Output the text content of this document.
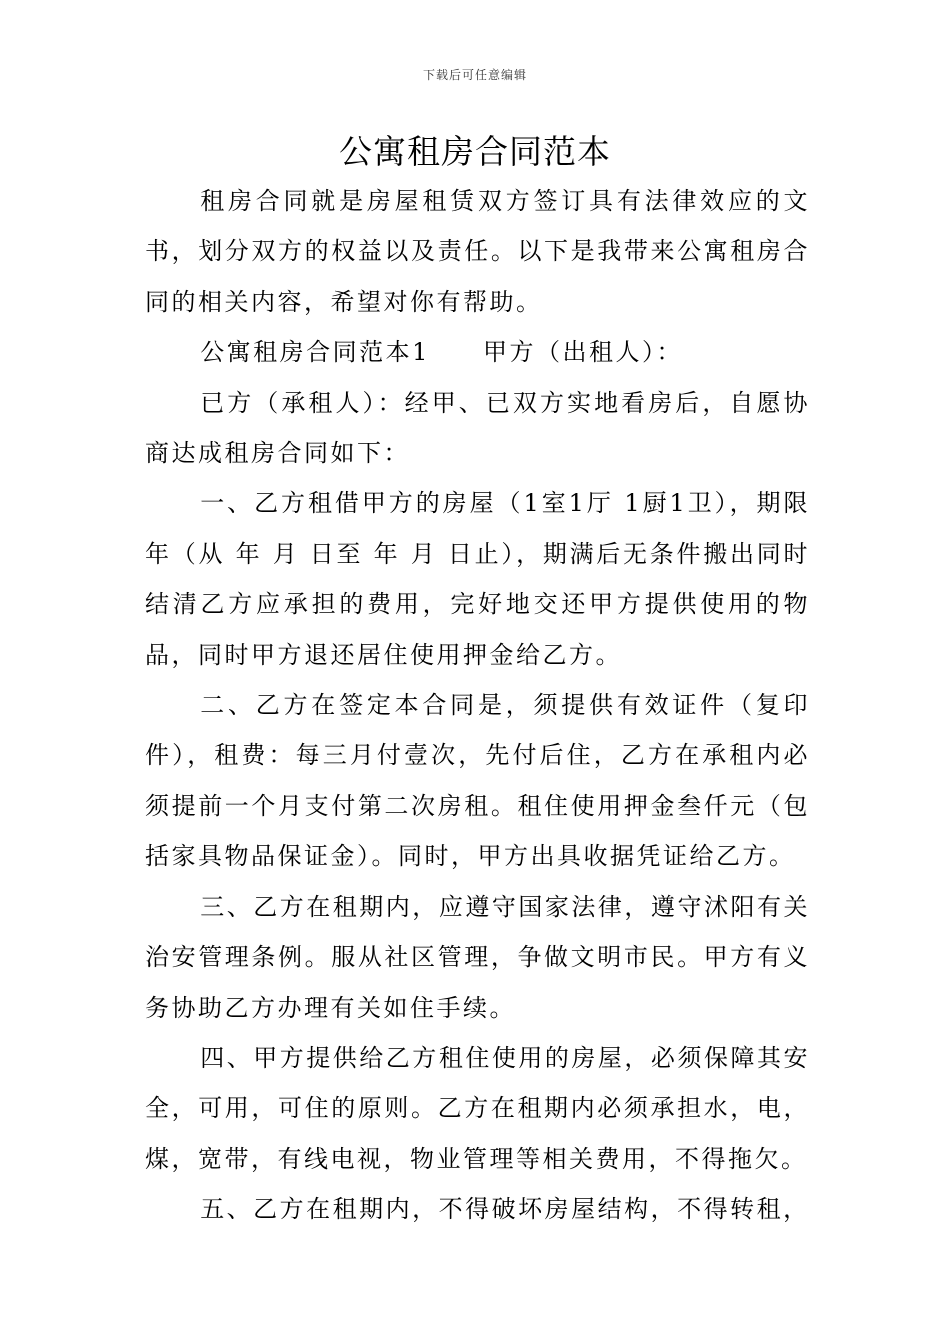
下载后可任意编辑
公寓租房合同范本

租房合同就是房屋租赁双方签订具有法律效应的文书，划分双方的权益以及责任。以下是我带来公寓租房合同的相关内容，希望对你有帮助。

公寓租房合同范本1　　甲方（出租人）：

已方（承租人）：经甲、已双方实地看房后，自愿协商达成租房合同如下：

一、乙方租借甲方的房屋（1室1厅 1厨1卫），期限 年（从 年 月 日至 年 月 日止），期满后无条件搬出同时结清乙方应承担的费用，完好地交还甲方提供使用的物品，同时甲方退还居住使用押金给乙方。

二、乙方在签定本合同是，须提供有效证件（复印件），租费：每三月付壹次，先付后住，乙方在承租内必须提前一个月支付第二次房租。租住使用押金叁仟元（包括家具物品保证金）。同时，甲方出具收据凭证给乙方。

三、乙方在租期内，应遵守国家法律，遵守沭阳有关治安管理条例。服从社区管理，争做文明市民。甲方有义务协助乙方办理有关如住手续。

四、甲方提供给乙方租住使用的房屋，必须保障其安全，可用，可住的原则。乙方在租期内必须承担水，电，煤，宽带，有线电视，物业管理等相关费用，不得拖欠。

五、乙方在租期内，不得破坏房屋结构，不得转租，
